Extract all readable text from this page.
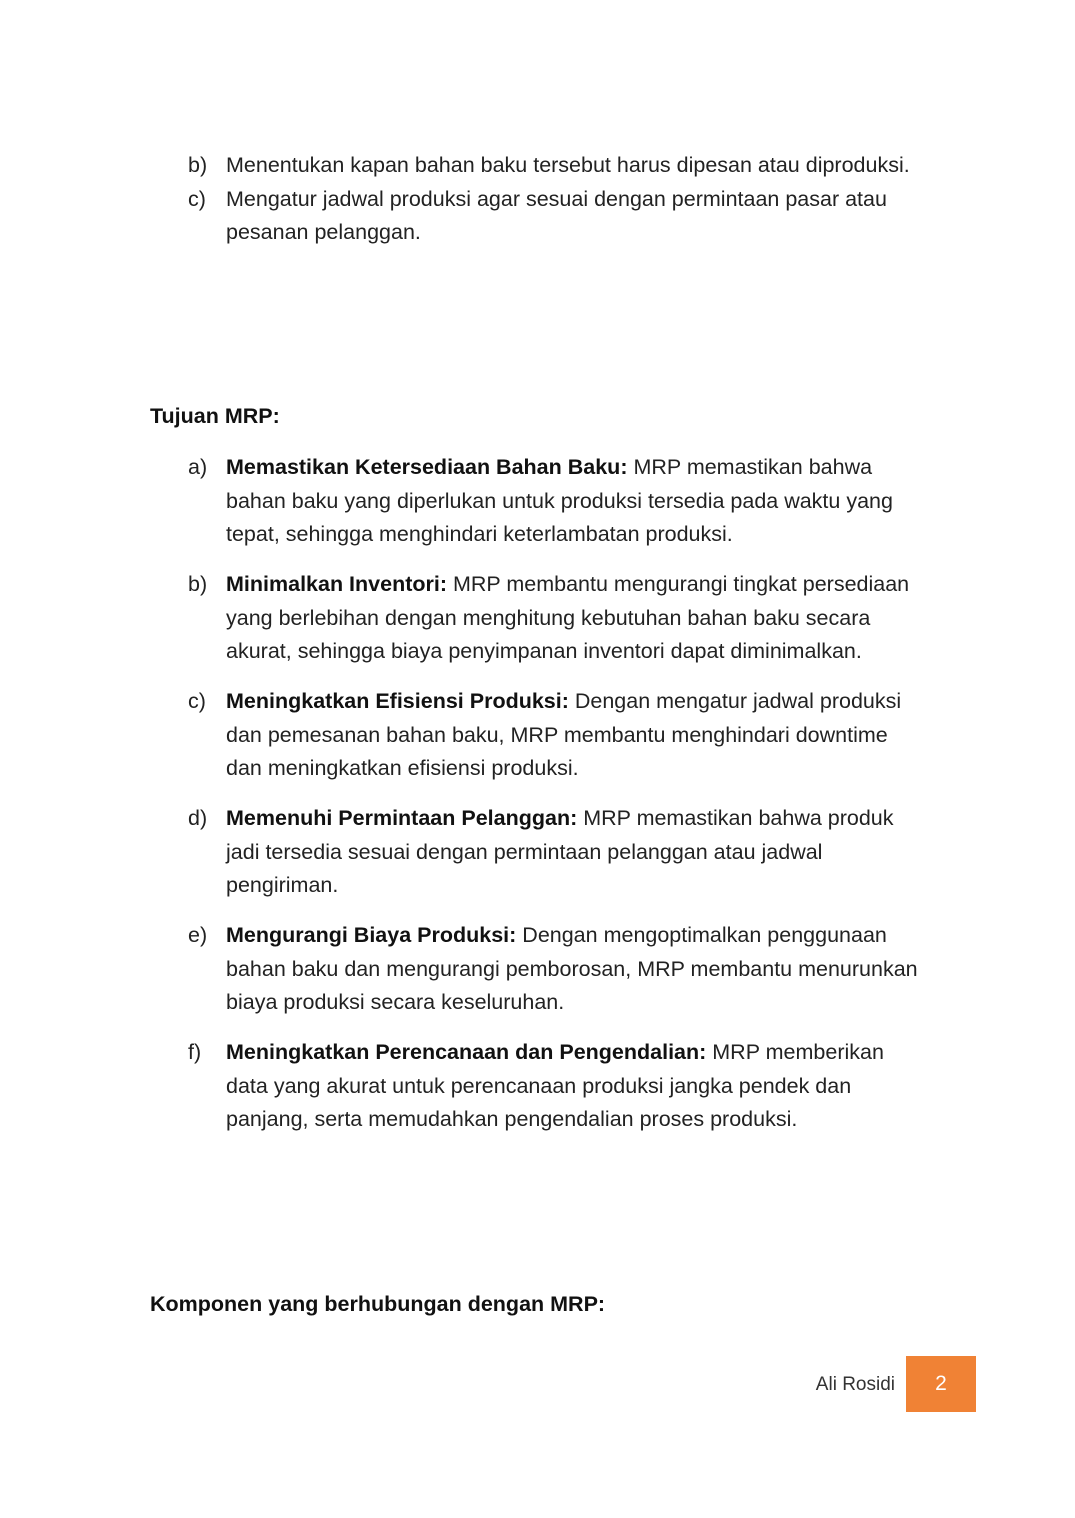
b) Menentukan kapan bahan baku tersebut harus dipesan atau diproduksi.
c) Mengatur jadwal produksi agar sesuai dengan permintaan pasar atau pesanan pelanggan.
Tujuan MRP:
a) Memastikan Ketersediaan Bahan Baku: MRP memastikan bahwa bahan baku yang diperlukan untuk produksi tersedia pada waktu yang tepat, sehingga menghindari keterlambatan produksi.
b) Minimalkan Inventori: MRP membantu mengurangi tingkat persediaan yang berlebihan dengan menghitung kebutuhan bahan baku secara akurat, sehingga biaya penyimpanan inventori dapat diminimalkan.
c) Meningkatkan Efisiensi Produksi: Dengan mengatur jadwal produksi dan pemesanan bahan baku, MRP membantu menghindari downtime dan meningkatkan efisiensi produksi.
d) Memenuhi Permintaan Pelanggan: MRP memastikan bahwa produk jadi tersedia sesuai dengan permintaan pelanggan atau jadwal pengiriman.
e) Mengurangi Biaya Produksi: Dengan mengoptimalkan penggunaan bahan baku dan mengurangi pemborosan, MRP membantu menurunkan biaya produksi secara keseluruhan.
f) Meningkatkan Perencanaan dan Pengendalian: MRP memberikan data yang akurat untuk perencanaan produksi jangka pendek dan panjang, serta memudahkan pengendalian proses produksi.
Komponen yang berhubungan dengan MRP:
Ali Rosidi 2
